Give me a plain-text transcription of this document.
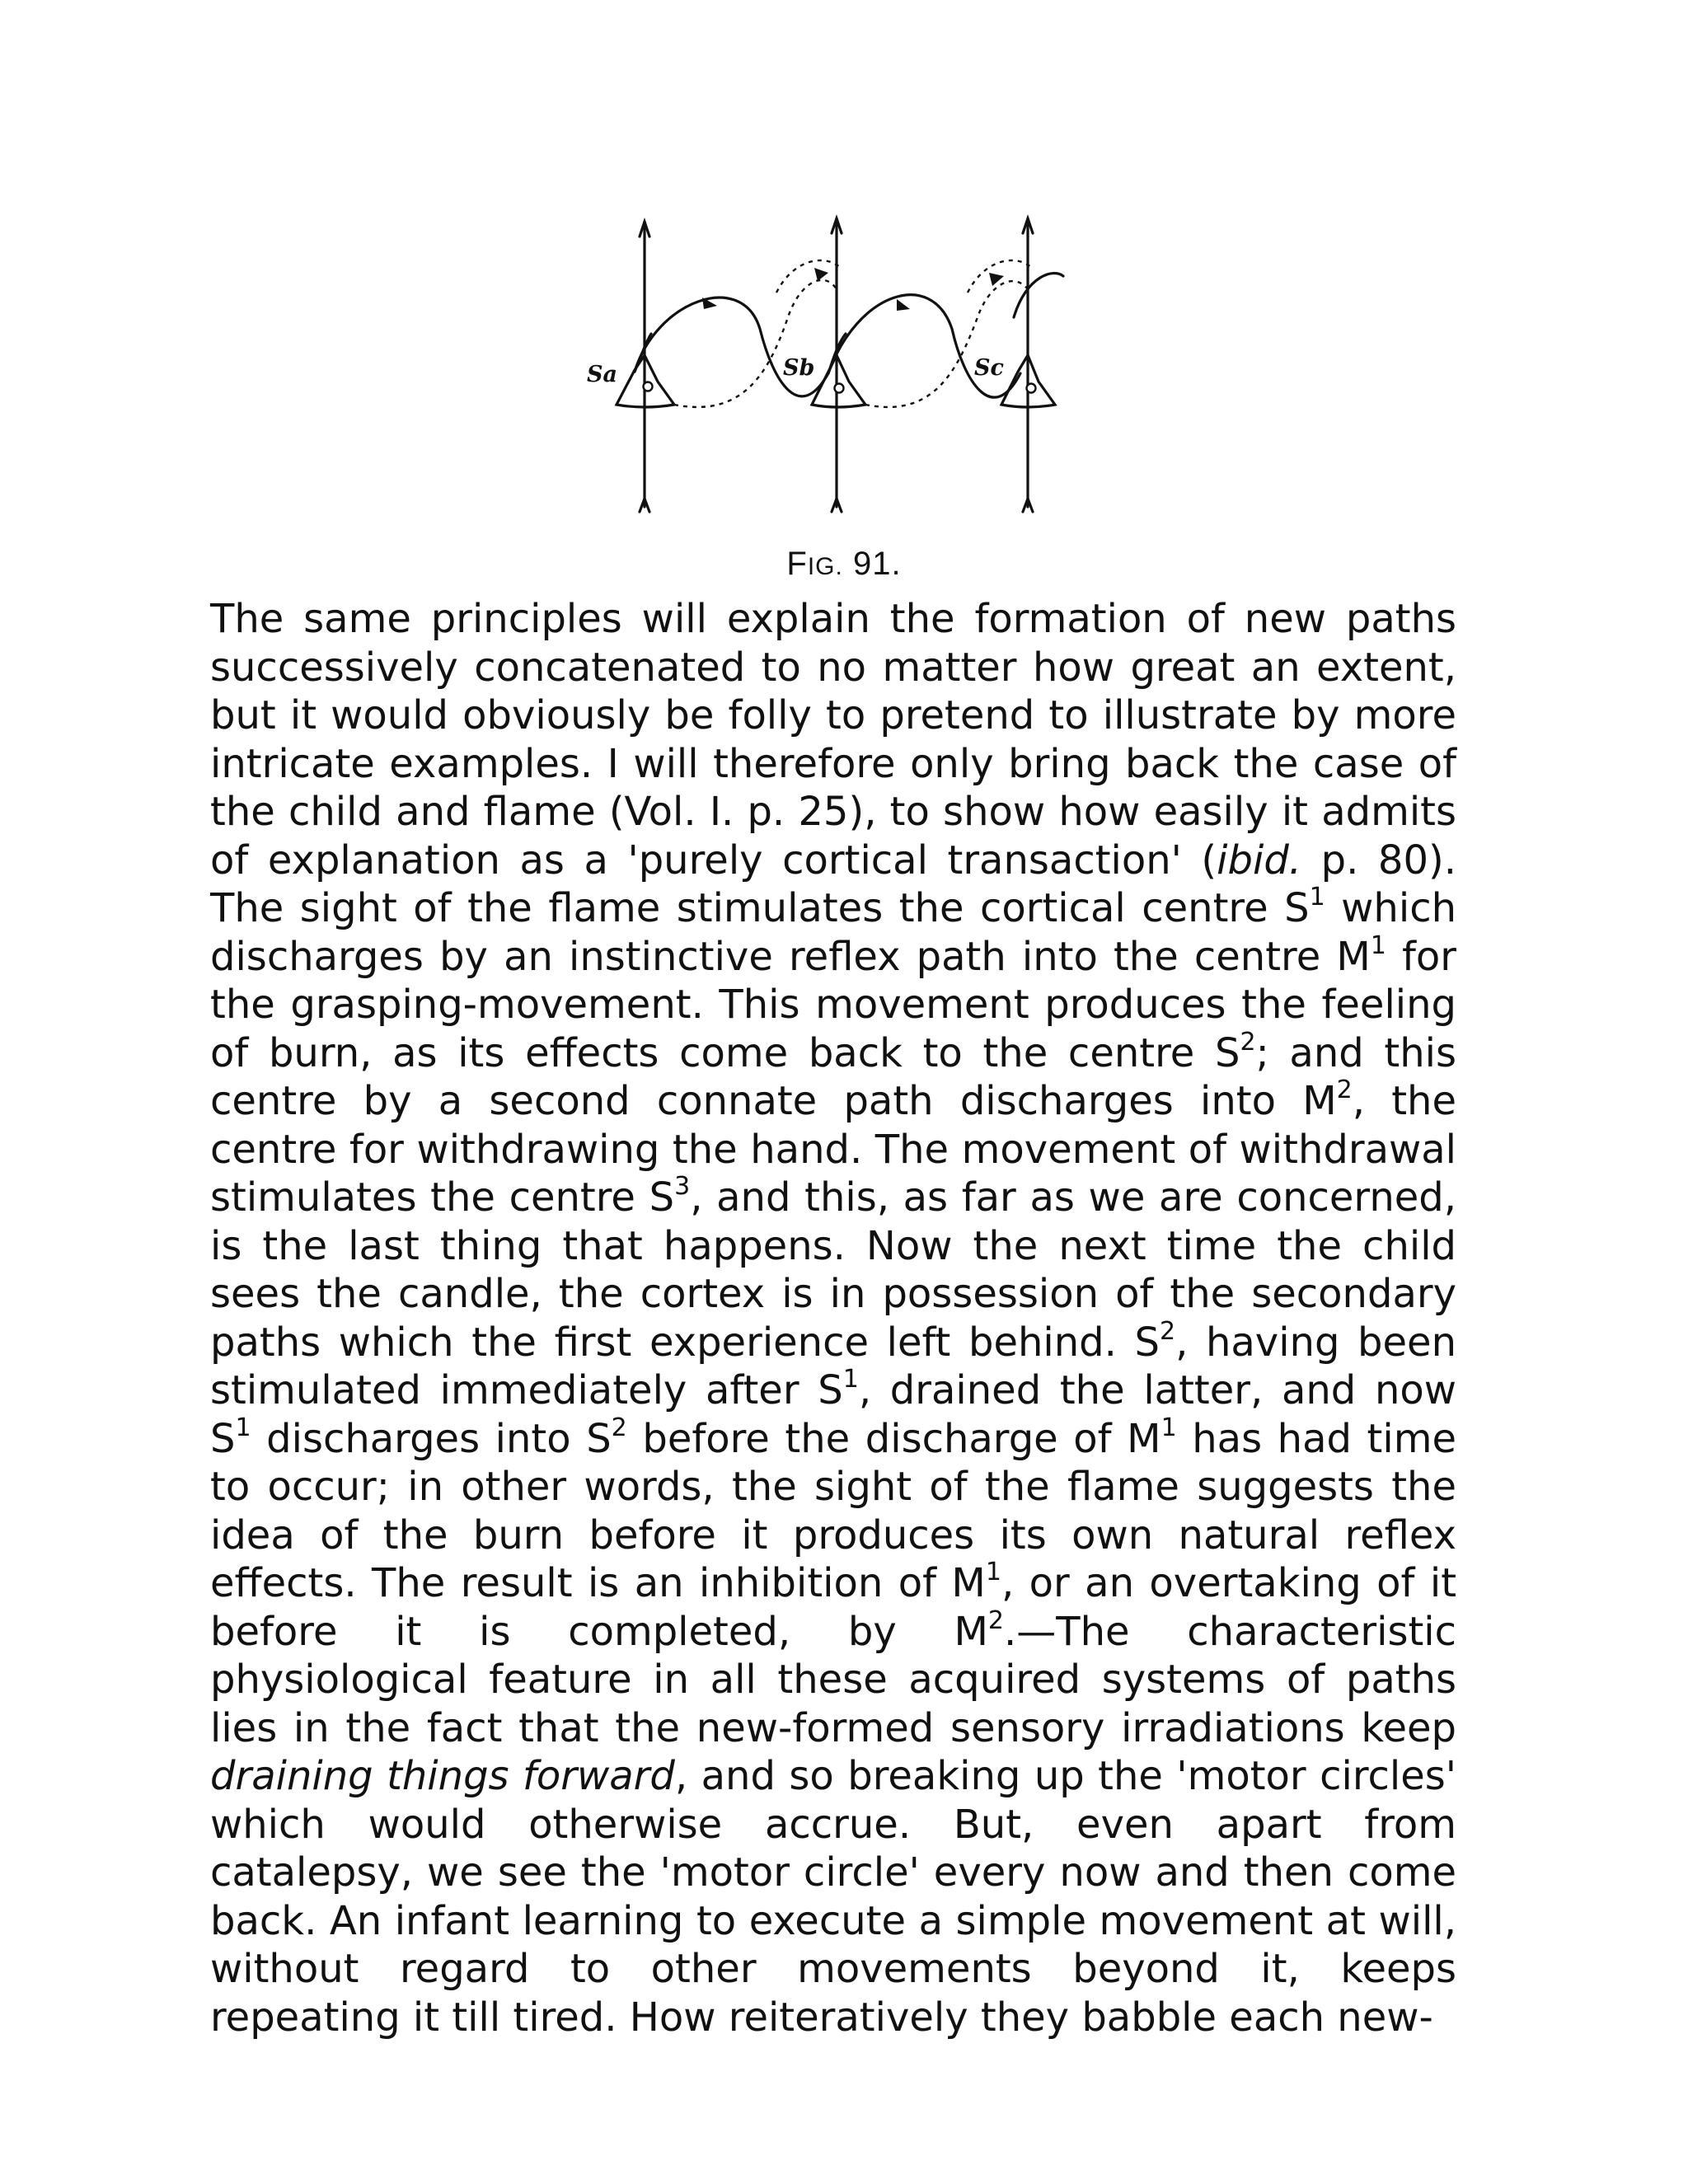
Sa	Sb	Sc
FIG. 91.

The same principles will explain the formation of new paths successively concatenated to no matter how great an extent, but it would obviously be folly to pretend to illustrate by more intricate examples. I will therefore only bring back the case of the child and flame (Vol. I. p. 25), to show how easily it admits of explanation as a 'purely cortical transaction' (ibid. p. 80). The sight of the flame stimulates the cortical centre $S^1$ which discharges by an instinctive reflex path into the centre $M^1$ for the grasping-movement. This movement produces the feeling of burn, as its effects come back to the centre $S^2$; and this centre by a second connate path discharges into $M^2$, the centre for withdrawing the hand. The movement of withdrawal stimulates the centre $S^3$, and this, as far as we are concerned, is the last thing that happens. Now the next time the child sees the candle, the cortex is in possession of the secondary paths which the first experience left behind. $S^2$, having been stimulated immediately after $S^1$, drained the latter, and now $S^1$ discharges into $S^2$ before the discharge of $M^1$ has had time to occur; in other words, the sight of the flame suggests the idea of the burn before it produces its own natural reflex effects. The result is an inhibition of $M^1$, or an overtaking of it before it is completed, by $M^2.—The$ characteristic physiological feature in all these acquired systems of paths lies in the fact that the new-formed sensory irradiations keep draining things forward, and so breaking up the 'motor circles' which would otherwise accrue. But, even apart from catalepsy, we see the 'motor circle' every now and then come back. An infant learning to execute a simple movement at will, without regard to other movements beyond it, keeps repeating it till tired. How reiteratively they babble each new-
